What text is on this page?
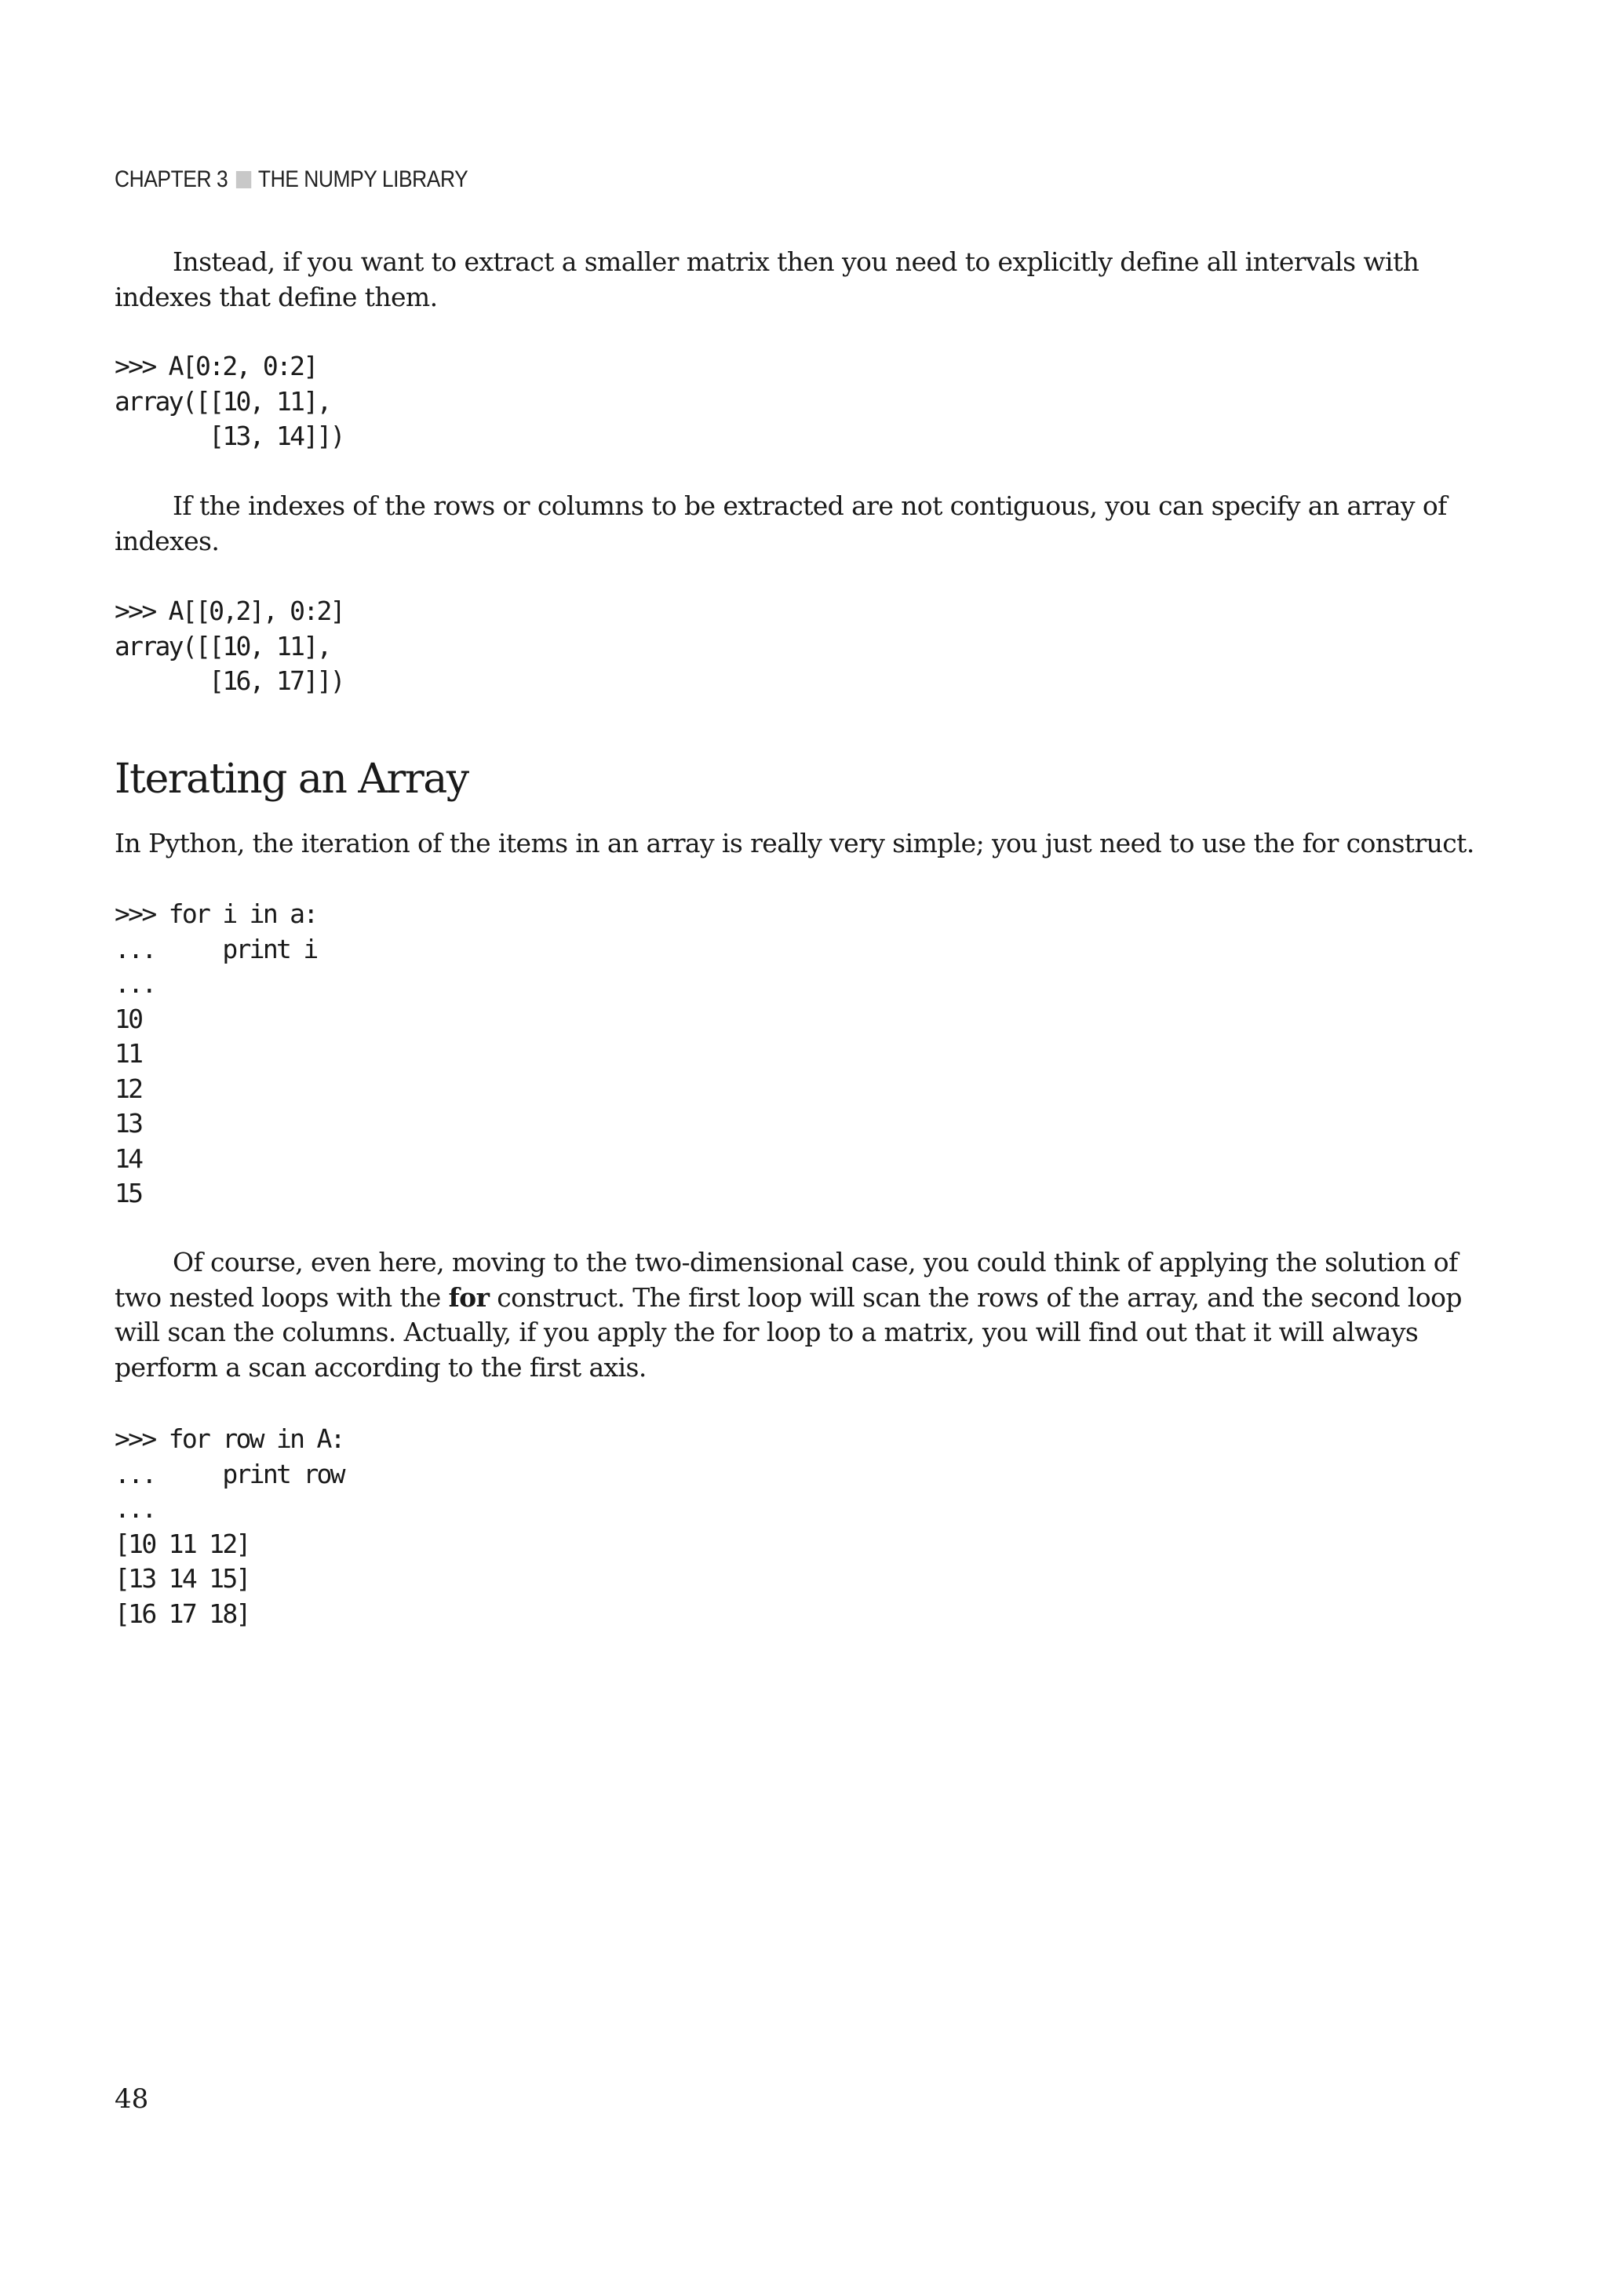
CHAPTER 3 THE NUMPY LIBRARY

Instead, if you want to extract a smaller matrix then you need to explicitly define all intervals with

indexes that define them.

>>> A[0:2, 0:2]
array([[10, 11],
[13, 14]])

If the indexes of the rows or columns to be extracted are not contiguous, you can specify an array of

indexes.

>>> A[[0,2], 0:2]
array([[10, 11],
[16, 17]])
Iterating an Array

In Python, the iteration of the items in an array is really very simple; you just need to use the for construct.

>>> for i in a:
...     print i
...
10
11
12
13
14
15

Of course, even here, moving to the two-dimensional case, you could think of applying the solution of

two nested loops with the for construct. The first loop will scan the rows of the array, and the second loop

will scan the columns. Actually, if you apply the for loop to a matrix, you will find out that it will always

perform a scan according to the first axis.

>>> for row in A:
...     print row
...
[10 11 12]
[13 14 15]
[16 17 18]
48
